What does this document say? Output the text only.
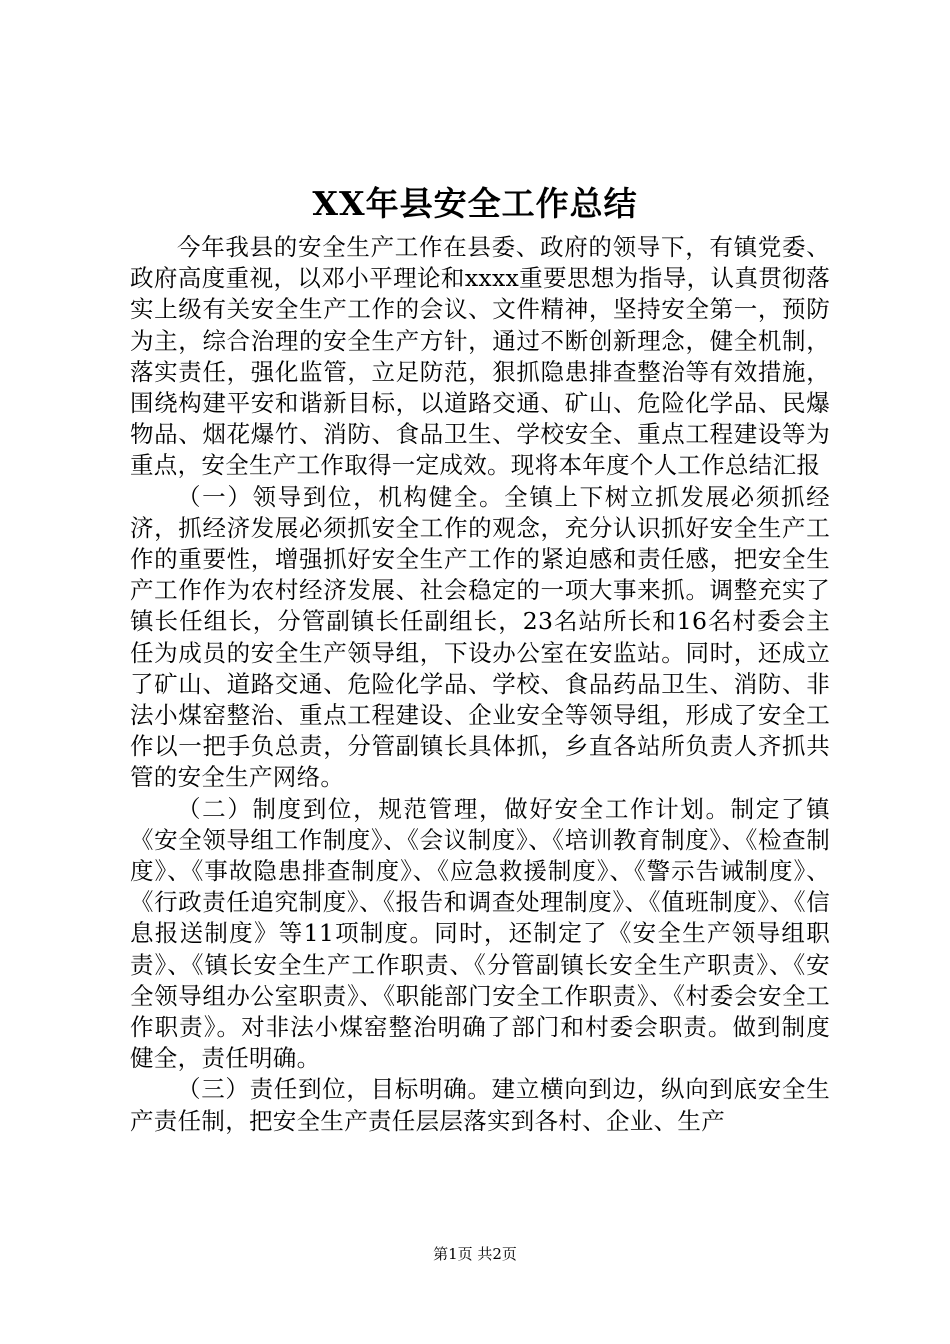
XX年县安全工作总结

今年我县的安全生产工作在县委、政府的领导下，有镇党委、政府高度重视，以邓小平理论和xxxx重要思想为指导，认真贯彻落实上级有关安全生产工作的会议、文件精神，坚持安全第一，预防为主，综合治理的安全生产方针，通过不断创新理念，健全机制，落实责任，强化监管，立足防范，狠抓隐患排查整治等有效措施，围绕构建平安和谐新目标，以道路交通、矿山、危险化学品、民爆物品、烟花爆竹、消防、食品卫生、学校安全、重点工程建设等为重点，安全生产工作取得一定成效。现将本年度个人工作总结汇报

（一）领导到位，机构健全。全镇上下树立抓发展必须抓经济，抓经济发展必须抓安全工作的观念，充分认识抓好安全生产工作的重要性，增强抓好安全生产工作的紧迫感和责任感，把安全生产工作作为农村经济发展、社会稳定的一项大事来抓。调整充实了镇长任组长，分管副镇长任副组长，23名站所长和16名村委会主任为成员的安全生产领导组，下设办公室在安监站。同时，还成立了矿山、道路交通、危险化学品、学校、食品药品卫生、消防、非法小煤窑整治、重点工程建设、企业安全等领导组，形成了安全工作以一把手负总责，分管副镇长具体抓，乡直各站所负责人齐抓共管的安全生产网络。

（二）制度到位，规范管理，做好安全工作计划。制定了镇《安全领导组工作制度》、《会议制度》、《培训教育制度》、《检查制度》、《事故隐患排查制度》、《应急救援制度》、《警示告诫制度》、《行政责任追究制度》、《报告和调查处理制度》、《值班制度》、《信息报送制度》等11项制度。同时，还制定了《安全生产领导组职责》、《镇长安全生产工作职责、《分管副镇长安全生产职责》、《安全领导组办公室职责》、《职能部门安全工作职责》、《村委会安全工作职责》。对非法小煤窑整治明确了部门和村委会职责。做到制度健全，责任明确。

（三）责任到位，目标明确。建立横向到边，纵向到底安全生产责任制，把安全生产责任层层落实到各村、企业、生产

第1页 共2页
